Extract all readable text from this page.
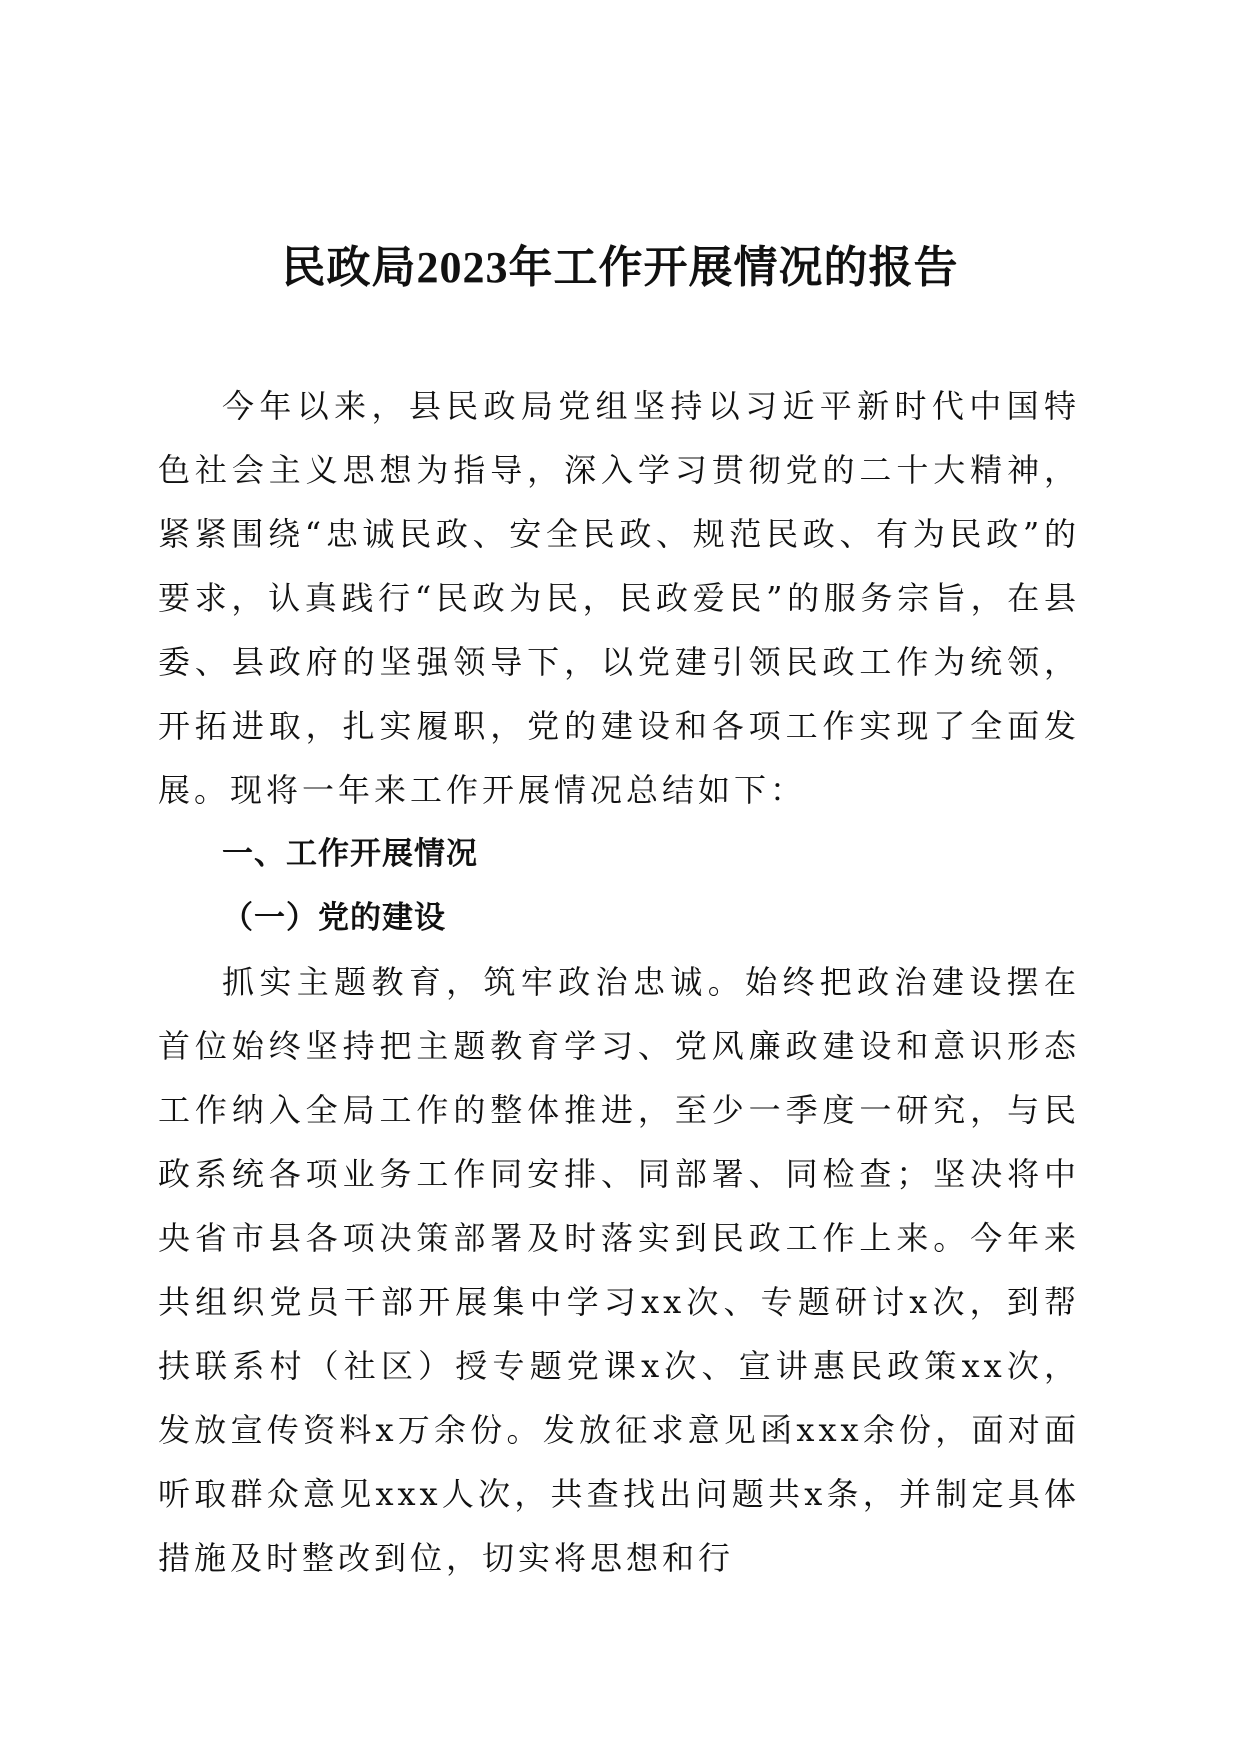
民政局2023年工作开展情况的报告

今年以来，县民政局党组坚持以习近平新时代中国特色社会主义思想为指导，深入学习贯彻党的二十大精神，紧紧围绕“忠诚民政、安全民政、规范民政、有为民政”的要求，认真践行“民政为民，民政爱民”的服务宗旨，在县委、县政府的坚强领导下，以党建引领民政工作为统领，开拓进取，扎实履职，党的建设和各项工作实现了全面发展。现将一年来工作开展情况总结如下：

一、工作开展情况

（一）党的建设

抓实主题教育，筑牢政治忠诚。始终把政治建设摆在首位始终坚持把主题教育学习、党风廉政建设和意识形态工作纳入全局工作的整体推进，至少一季度一研究，与民政系统各项业务工作同安排、同部署、同检查；坚决将中央省市县各项决策部署及时落实到民政工作上来。今年来共组织党员干部开展集中学习xx次、专题研讨x次，到帮扶联系村（社区）授专题党课x次、宣讲惠民政策xx次，发放宣传资料x万余份。发放征求意见函xxx余份，面对面听取群众意见xxx人次，共查找出问题共x条，并制定具体措施及时整改到位，切实将思想和行
